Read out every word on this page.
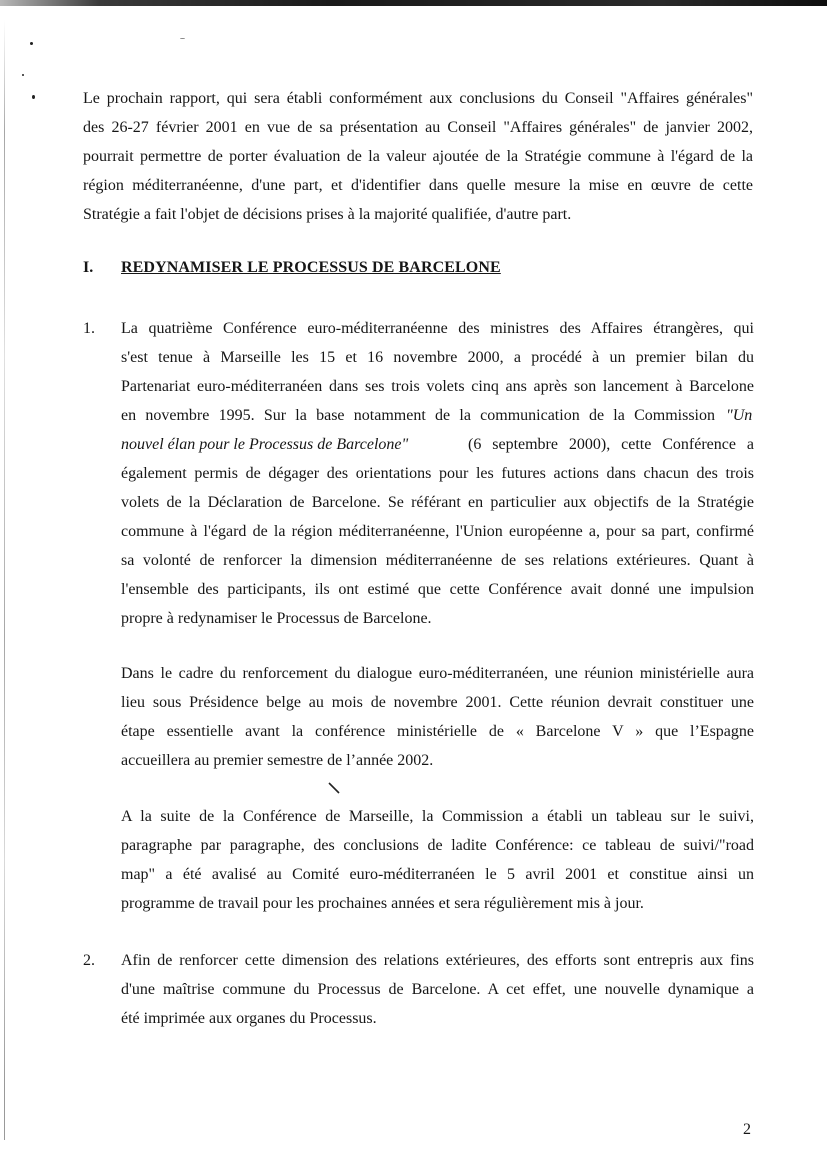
Le prochain rapport, qui sera établi conformément aux conclusions du Conseil "Affaires générales"
des 26-27 février 2001 en vue de sa présentation au Conseil "Affaires générales" de janvier 2002,
pourrait permettre de porter évaluation de la valeur ajoutée de la Stratégie commune à l'égard de la
région méditerranéenne, d'une part, et d'identifier dans quelle mesure la mise en œuvre de cette
Stratégie a fait l'objet de décisions prises à la majorité qualifiée, d'autre part.
I. REDYNAMISER LE PROCESSUS DE BARCELONE
1. La quatrième Conférence euro-méditerranéenne des ministres des Affaires étrangères, qui
s'est tenue à Marseille les 15 et 16 novembre 2000, a procédé à un premier bilan du
Partenariat euro-méditerranéen dans ses trois volets cinq ans après son lancement à Barcelone
en novembre 1995. Sur la base notamment de la communication de la Commission "Un
nouvel élan pour le Processus de Barcelone"	(6 septembre 2000), cette Conférence a
également permis de dégager des orientations pour les futures actions dans chacun des trois
volets de la Déclaration de Barcelone. Se référant en particulier aux objectifs de la Stratégie
commune à l'égard de la région méditerranéenne, l'Union européenne a, pour sa part, confirmé
sa volonté de renforcer la dimension méditerranéenne de ses relations extérieures. Quant à
l'ensemble des participants, ils ont estimé que cette Conférence avait donné une impulsion
propre à redynamiser le Processus de Barcelone.
Dans le cadre du renforcement du dialogue euro-méditerranéen, une réunion ministérielle aura
lieu sous Présidence belge au mois de novembre 2001. Cette réunion devrait constituer une
étape essentielle avant la conférence ministérielle de « Barcelone V » que l’Espagne
accueillera au premier semestre de l’année 2002.
A la suite de la Conférence de Marseille, la Commission a établi un tableau sur le suivi,
paragraphe par paragraphe, des conclusions de ladite Conférence: ce tableau de suivi/"road
map" a été avalisé au Comité euro-méditerranéen le 5 avril 2001 et constitue ainsi un
programme de travail pour les prochaines années et sera régulièrement mis à jour.
2. Afin de renforcer cette dimension des relations extérieures, des efforts sont entrepris aux fins
d'une maîtrise commune du Processus de Barcelone. A cet effet, une nouvelle dynamique a
été imprimée aux organes du Processus.
2
